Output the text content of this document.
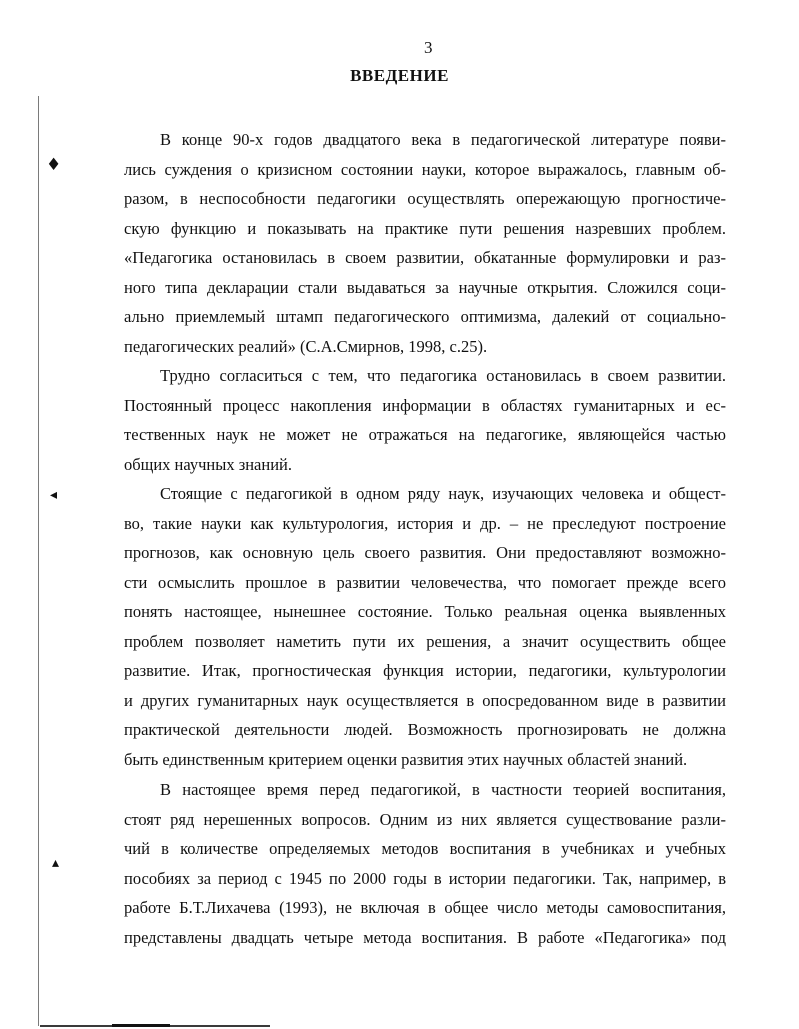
♦
◂
▴
3
ВВЕДЕНИЕ
В конце 90-х годов двадцатого века в педагогической литературе появи-
лись суждения о кризисном состоянии науки, которое выражалось, главным об-
разом, в неспособности педагогики осуществлять опережающую прогностиче-
скую функцию и показывать на практике пути решения назревших проблем.
«Педагогика остановилась в своем развитии, обкатанные формулировки и раз-
ного типа декларации стали выдаваться за научные открытия. Сложился соци-
ально приемлемый штамп педагогического оптимизма, далекий от социально-
педагогических реалий» (С.А.Смирнов, 1998, с.25).
Трудно согласиться с тем, что педагогика остановилась в своем развитии.
Постоянный процесс накопления информации в областях гуманитарных и ес-
тественных наук не может не отражаться на педагогике, являющейся частью
общих научных знаний.
Стоящие с педагогикой в одном ряду наук, изучающих человека и общест-
во, такие науки как культурология, история и др. – не преследуют построение
прогнозов, как основную цель своего развития. Они предоставляют возможно-
сти осмыслить прошлое в развитии человечества, что помогает прежде всего
понять настоящее, нынешнее состояние. Только реальная оценка выявленных
проблем позволяет наметить пути их решения, а значит осуществить общее
развитие. Итак, прогностическая функция истории, педагогики, культурологии
и других гуманитарных наук осуществляется в опосредованном виде в развитии
практической деятельности людей. Возможность прогнозировать не должна
быть единственным критерием оценки развития этих научных областей знаний.
В настоящее время перед педагогикой, в частности теорией воспитания,
стоят ряд нерешенных вопросов. Одним из них является существование разли-
чий в количестве определяемых методов воспитания в учебниках и учебных
пособиях за период с 1945 по 2000 годы в истории педагогики. Так, например, в
работе Б.Т.Лихачева (1993), не включая в общее число методы самовоспитания,
представлены двадцать четыре метода воспитания. В работе «Педагогика» под
